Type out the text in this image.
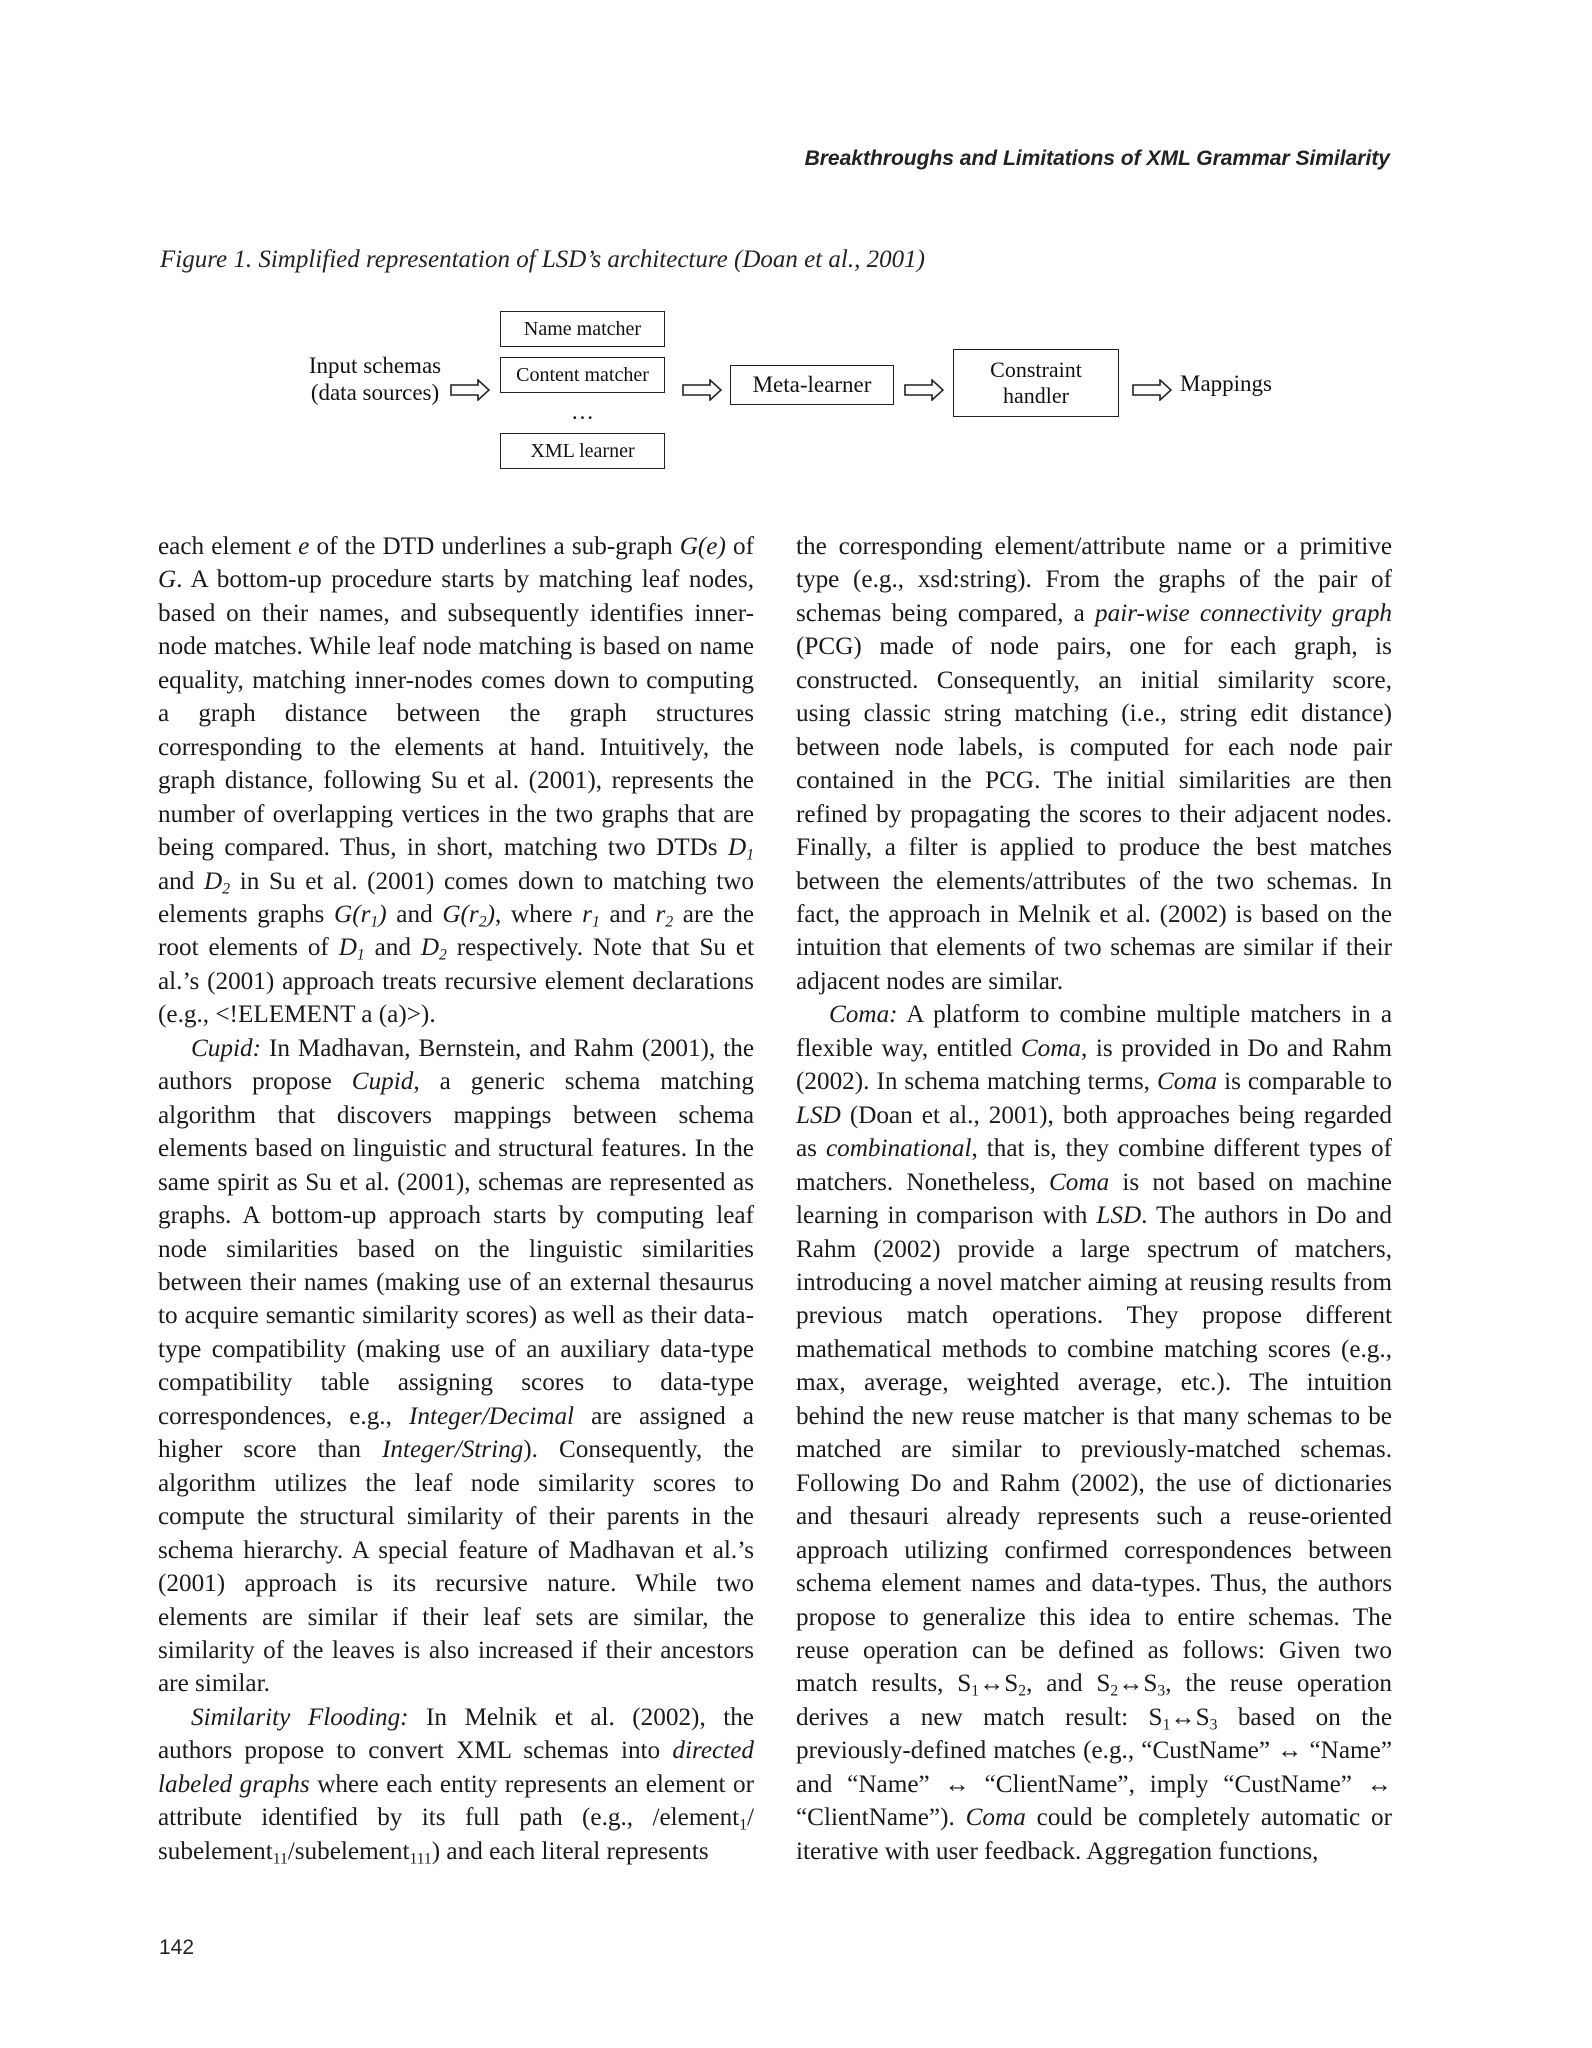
Breakthroughs and Limitations of XML Grammar Similarity
Figure 1. Simplified representation of LSD’s architecture (Doan et al., 2001)
Input schemas
(data sources)
Name matcher
Content matcher
…
XML learner
Meta-learner
Constraint
handler	Mappings

each element e of the DTD underlines a sub-graph G(e) of G. A bottom-up procedure starts by matching leaf nodes, based on their names, and subsequently identifies inner-node matches. While leaf node matching is based on name equality, matching inner-nodes comes down to computing a graph distance between the graph structures corresponding to the elements at hand. Intuitively, the graph distance, following Su et al. (2001), represents the number of overlapping vertices in the two graphs that are being compared. Thus, in short, matching two DTDs $D_1$ and $D_2$ in Su et al. (2001) comes down to matching two elements graphs $G(r_1)$ and $G(r_2)$, where $r_1$ and $r_2$ are the root elements of $D_1$ and $D_2$ respectively. Note that Su et al.’s (2001) approach treats recursive element declarations (e.g., <!ELEMENT a (a)>).

Cupid: In Madhavan, Bernstein, and Rahm (2001), the authors propose Cupid, a generic schema matching algorithm that discovers mappings between schema elements based on linguistic and structural features. In the same spirit as Su et al. (2001), schemas are represented as graphs. A bottom-up approach starts by computing leaf node similarities based on the linguistic similarities between their names (making use of an external thesaurus to acquire semantic similarity scores) as well as their data-type compatibility (making use of an auxiliary data-type compatibility table assigning scores to data-type correspondences, e.g., Integer/Decimal are assigned a higher score than Integer/String). Consequently, the algorithm utilizes the leaf node similarity scores to compute the structural similarity of their parents in the schema hierarchy. A special feature of Madhavan et al.’s (2001) approach is its recursive nature. While two elements are similar if their leaf sets are similar, the similarity of the leaves is also increased if their ancestors are similar.

Similarity Flooding: In Melnik et al. (2002), the authors propose to convert XML schemas into directed labeled graphs where each entity represents an element or attribute identified by its full path (e.g., /element$_1$/ subelement$_{11}$/subelement$_{111}$) and each literal represents

the corresponding element/attribute name or a primitive type (e.g., xsd:string). From the graphs of the pair of schemas being compared, a pair-wise connectivity graph (PCG) made of node pairs, one for each graph, is constructed. Consequently, an initial similarity score, using classic string matching (i.e., string edit distance) between node labels, is computed for each node pair contained in the PCG. The initial similarities are then refined by propagating the scores to their adjacent nodes. Finally, a filter is applied to produce the best matches between the elements/attributes of the two schemas. In fact, the approach in Melnik et al. (2002) is based on the intuition that elements of two schemas are similar if their adjacent nodes are similar.

Coma: A platform to combine multiple matchers in a flexible way, entitled Coma, is provided in Do and Rahm (2002). In schema matching terms, Coma is comparable to LSD (Doan et al., 2001), both approaches being regarded as combinational, that is, they combine different types of matchers. Nonetheless, Coma is not based on machine learning in comparison with LSD. The authors in Do and Rahm (2002) provide a large spectrum of matchers, introducing a novel matcher aiming at reusing results from previous match operations. They propose different mathematical methods to combine matching scores (e.g., max, average, weighted average, etc.). The intuition behind the new reuse matcher is that many schemas to be matched are similar to previously-matched schemas. Following Do and Rahm (2002), the use of dictionaries and thesauri already represents such a reuse-oriented approach utilizing confirmed correspondences between schema element names and data-types. Thus, the authors propose to generalize this idea to entire schemas. The reuse operation can be defined as follows: Given two match results, $S_1\leftrightarrow S_2$, and $S_2\leftrightarrow S_3$, the reuse operation derives a new match result: $S_1\leftrightarrow S_3$ based on the previously-defined matches (e.g., “CustName” ↔ “Name” and “Name” ↔ “ClientName”, imply “CustName” ↔ “ClientName”). Coma could be completely automatic or iterative with user feedback. Aggregation functions,

142
